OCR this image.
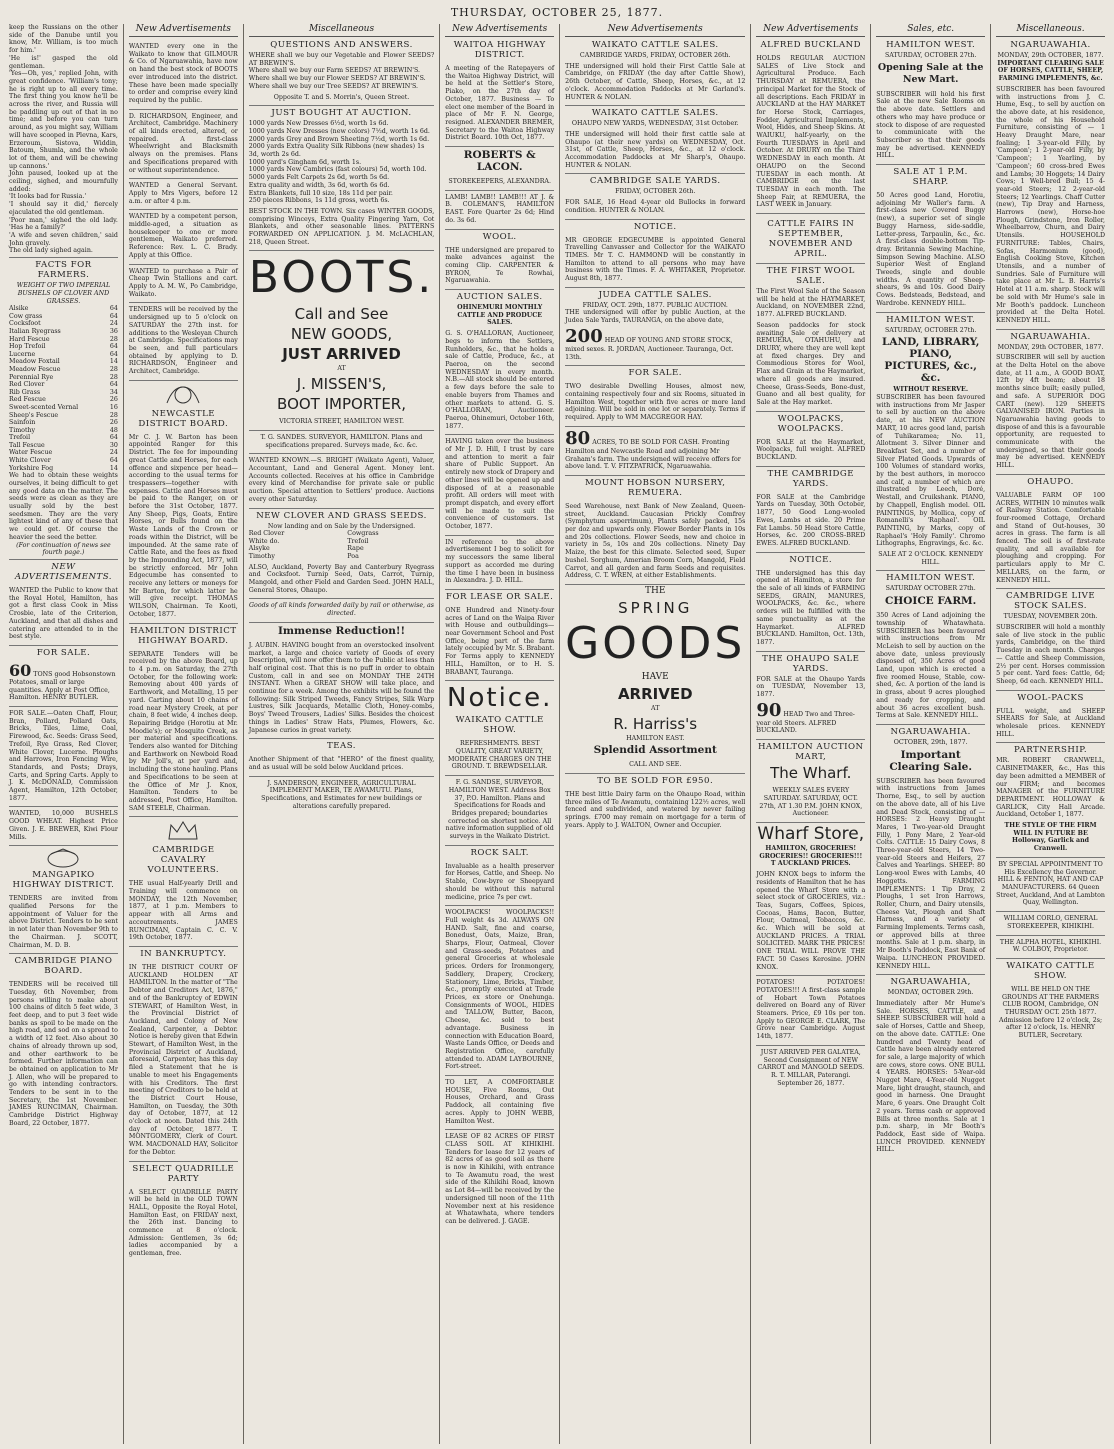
THURSDAY, OCTOBER 25, 1877.
keep the Russians on the other side of the Danube until you know, Mr. William, is too much for him.'
'He is!' gasped the old gentleman.
'Yes—Oh, yes,' replied John, with great confidence. 'William's tony; he is right up to all every time. The first thing you know he'll be across the river, and Russia will be paddling up out of that in no time; and before you can turn around, as you might say, William will have scooped in Plevna, Kars, Erzeroum, Sistova, Widdin, Batoum, Shumla, and the whole lot of them, and will be chewing up cannons.'
John paused, looked up at the ceiling, sighed, and mournfully added:
'It looks bad for Russia.'
'I should say it did,' fiercely ejaculated the old gentleman.
'Poor man,' sighed the old lady. 'Has he a family?'
'A wife and seven children,' said John gravely.
The old lady sighed again.
FACTS FOR FARMERS.
WEIGHT OF TWO IMPERIAL BUSHELS OF CLOVER AND GRASSES.
Alsike	64
Cow grass	64
Cocksfoot	24
Italian Ryegrass	36
Hard Fescue	28
Hop Trefoil	64
Lucerne	64
Meadow Foxtail	14
Meadow Fescue	28
Perennial Rye	28
Red Clover	64
Rib Grass	34
Red Fescue	26
Sweet-scented Vernal	16
Sheep's Fescue	28
Sainfoin	26
Timothy	48
Trefoil	64
Tall Fescue	30
Water Fescue	24
White Clover	64
Yorkshire Fog	14
We had to obtain these weights ourselves, it being difficult to get any good data on the matter. The seeds were as clean as they are usually sold by the best seedsmen. They are the very lightest kind of any of these that we could get. Of course the heavier the seed the better.
(For continuation of news see fourth page.)
NEW ADVERTISEMENTS.
WANTED the Public to know that the Royal Hotel, Hamilton, has got a first class Cook in Miss Crosbie, late of the Criterion, Auckland, and that all dishes and catering are attended to in the best style.
FOR SALE.
60 TONS good Hobsonstown Potatoes, small or large quantities. Apply at Post Office, Hamilton. HENRY BUTLER.
FOR SALE.—Oaten Chaff, Flour, Bran, Pollard, Pollard Oats, Bricks, Tiles, Lime, Coal, Firewood, &c. Seeds: Grass Seed, Trefoil, Rye Grass, Red Clover, White Clover, Lucerne. Ploughs and Harrows, Iron Fencing Wire, Standards, and Posts; Drays, Carts, and Spring Carts. Apply to J. K. McDONALD, Commission Agent, Hamilton, 12th October, 1877.
WANTED, 10,000 BUSHELS GOOD WHEAT. Highest Price Given. J. E. BREWER, Kiwi Flour Mills.
MANGAPIKO HIGHWAY DISTRICT.
TENDERS are invited from qualified Persons for the appointment of Valuer for the above District. Tenders to be sent in not later than November 9th to the Chairman. J. SCOTT, Chairman, M. D. B.
CAMBRIDGE PIANO BOARD.
TENDERS will be received till Tuesday, 6th November, from persons willing to make about 100 chains of ditch 5 feet wide, 3 feet deep, and to put 3 feet wide banks as spoil to be made on the high road, and sod on a spread to a width of 12 feet. Also about 30 chains of already thrown up sod, and other earthwork to be formed. Further information can be obtained on application to Mr J. Allen, who will be prepared to go with intending contractors. Tenders to be sent in to the Secretary, the 1st November. JAMES RUNCIMAN, Chairman. Cambridge District Highway Board, 22 October, 1877.
New Advertisements
WANTED every one in the Waikato to know that GILMOUR & Co. of Ngaruawahia, have now on hand the best stock of BOOTS ever introduced into the district. These have been made specially to order and comprise every kind required by the public.
D. RICHARDSON, Engineer, and Architect, Cambridge. Machinery of all kinds erected, altered, or repaired. A first-class Wheelwright and Blacksmith always on the premises. Plans and Specifications prepared with or without superintendence.
WANTED a General Servant. Apply to Mrs Vigers, before 12 a.m. or after 4 p.m.
WANTED by a competent person, middle-aged, a situation as housekeeper to one or more gentlemen, Waikato preferred. Reference: Rev. L. C. Brady. Apply at this Office.
WANTED to purchase a Pair of Cheap Twin Stallions and cart. Apply to A. M. W., Po Cambridge, Waikato.
TENDERS will be received by the undersigned up to 5 o'clock on SATURDAY the 27th inst. for additions to the Wesleyan Church at Cambridge. Specifications may be seen, and full particulars obtained by applying to D. RICHARDSON, Engineer and Architect, Cambridge.
NEWCASTLE DISTRICT BOARD.
Mr C. J. W. Barton has been appointed Ranger for this District. The fee for impounding great Cattle and Horses, for each offence and sixpence per head—according to the usual terms for trespassers—together with expenses. Cattle and Horses must be paid to the Ranger, on or before the 31st October, 1877. Any Sheep, Pigs, Goats, Entire Horses, or Bulls found on the Waste Lands of the Crown or roads within the District, will be impounded. At the same rate of Cattle Rate, and the fees as fixed by the Impounding Act, 1877, will be strictly enforced. Mr John Edgecumbe has consented to receive any letters or moneys for Mr Barton, for which latter he will give receipt. THOMAS WILSON, Chairman. Te Kooti, October, 1877.
HAMILTON DISTRICT HIGHWAY BOARD.
SEPARATE Tenders will be received by the above Board, up to 4 p.m. on Saturday, the 27th October, for the following work: Removing about 400 yards of Earthwork, and Metalling, 15 per yard. Carting about 10 chains of road near Mystery Creek, at per chain, 8 feet wide, 4 inches deep. Repairing Bridge (Horotiu at Mr. Moodie's); or Mosquito Creek, as per material and specifications. Tenders also wanted for Ditching and Earthwork on Newboid Road by Mr Joll's, at per yard and, including the stone hauling. Plans and Specifications to be seen at the Office of Mr J. Knox, Hamilton. Tenders to be addressed, Post Office, Hamilton. SAM STEELE, Chairman.
CAMBRIDGE CAVALRY VOLUNTEERS.
THE usual Half-yearly Drill and Training will commence on MONDAY, the 12th November, 1877, at 1 p.m. Members to appear with all Arms and accoutrements. JAMES RUNCIMAN, Captain C. C. V. 19th October, 1877.
IN BANKRUPTCY.
IN THE DISTRICT COURT OF AUCKLAND HOLDEN AT HAMILTON. In the matter of "The Debtor and Creditors Act, 1876," and of the Bankruptcy of EDWIN STEWART, of Hamilton West, in the Provincial District of Auckland, and Colony of New Zealand, Carpenter, a Debtor. Notice is hereby given that Edwin Stewart, of Hamilton West, in the Provincial District of Auckland, aforesaid, Carpenter, has this day filed a Statement that he is unable to meet his Engagements with his Creditors. The first meeting of Creditors to be held at the District Court House, Hamilton, on Tuesday, the 30th day of October, 1877, at 12 o'clock at noon. Dated this 24th day of October, 1877. T. MONTGOMERY, Clerk of Court. WM. MACDONALD HAY, Solicitor for the Debtor.
SELECT QUADRILLE PARTY
A SELECT QUADRILLE PARTY will be held in the OLD TOWN HALL, Opposite the Royal Hotel, Hamilton East, on FRIDAY next, the 26th inst. Dancing to commence at 8 o'clock. Admission: Gentlemen, 3s 6d; ladies accompanied by a gentleman, free.
Miscellaneous
QUESTIONS AND ANSWERS.
WHERE shall we buy our Vegetable and Flower SEEDS? AT BREWIN'S.
Where shall we buy our Farm SEEDS? AT BREWIN'S.
Where shall we buy our Flower SEEDS? AT BREWIN'S.
Where shall we buy our Tree SEEDS? AT BREWIN'S.
Opposite T. and S. Morrin's, Queen Street.
JUST BOUGHT AT AUCTION.
1000 yards New Dresses 6½d, worth 1s 6d.
1000 yards New Dresses (new colors) 7½d, worth 1s 6d.
2000 yards Grey and Brown Sheeting 7½d, worth 1s 6d.
2000 yards Extra Quality Silk Ribbons (new shades) 1s 3d, worth 2s 6d.
1000 yard's Gingham 6d, worth 1s.
1000 yards New Cambrics (fast colours) 5d, worth 10d.
5000 yards Felt Carpets 2s 6d, worth 5s 6d.
Extra quality and width, 3s 6d, worth 6s 6d.
Extra Blankets, full 10 size, 18s 11d per pair.
250 pieces Ribbons, 1s 11d gross, worth 6s.
BEST STOCK IN THE TOWN. Six cases WINTER GOODS, comprising Winceys, Extra Quality Fingering Yarn, Cot Blankets, and other seasonable lines. PATTERNS FORWARDED ON APPLICATION. J. M. McLACHLAN, 218, Queen Street.
BOOTS.
Call and See
NEW GOODS,
JUST ARRIVED
AT
J. MISSEN'S,
BOOT IMPORTER,
VICTORIA STREET, HAMILTON WEST.
T. G. SANDES. SURVEYOR, HAMILTON. Plans and specifications prepared. Surveys made, &c. &c.
WANTED KNOWN.—S. BRIGHT (Waikato Agent), Valuer, Accountant, Land and General Agent. Money lent. Accounts collected. Receives at his office in Cambridge every kind of Merchandise for private sale or public auction. Special attention to Settlers' produce. Auctions every other Saturday.
NEW CLOVER AND GRASS SEEDS.
Now landing and on Sale by the Undersigned.
Red Clover	Cowgrass
White do.	Trefoil
Alsyke	Rape
Timothy	Poa
ALSO, Auckland, Poverty Bay and Canterbury Ryegrass and Cocksfoot. Turnip Seed, Oats, Carrot, Turnip, Mangold, and other Field and Garden Seed. JOHN HALL, General Stores, Ohaupo.
Goods of all kinds forwarded daily by rail or otherwise, as directed.
Immense Reduction!!
J. AUBIN. HAVING bought from an overstocked insolvent market, a large and choice variety of Goods of every Description, will now offer them to the Public at less than half original cost. That this is no puff in order to obtain Custom, call in and see on MONDAY THE 24TH INSTANT. When a GREAT SHOW will take place, and continue for a week. Among the exhibits will be found the following: Silk Striped Tweeds, Fancy Stripes, Silk Warp Lustres, Silk Jacquards, Metallic Cloth, Honey-combs, Boys' Tweed Trousers, Ladies' Silks. Besides the choicest things in Ladies' Straw Hats, Plumes, Flowers, &c. Japanese curios in great variety.
TEAS.
Another Shipment of that "HERO" of the finest quality, and as usual will be sold below Auckland prices.
J. SANDERSON, ENGINEER, AGRICULTURAL IMPLEMENT MAKER, TE AWAMUTU. Plans, Specifications, and Estimates for new buildings or alterations carefully prepared.
New Advertisements
WAITOA HIGHWAY DISTRICT.
A meeting of the Ratepayers of the Waitoa Highway District, will be held at the Settler's Store, Piako, on the 27th day of October, 1877. Business — To elect one member of the Board in place of Mr F. N. George, resigned. ALEXANDER BREMER, Secretary to the Waitoa Highway District Board. 10th Oct, 1877.
ROBERTS & LACON.
STOREKEEPERS, ALEXANDRA.
LAMB! LAMB!! LAMB!!! AT J. & B. COLEMAN'S, HAMILTON EAST. Fore Quarter 2s 6d; Hind do. 3s 6d.
WOOL.
THE undersigned are prepared to make advances against the coming Clip. CARPENTER & BYRON, Te Rowhai, Ngaruawahia.
AUCTION SALES.
OHINEMURI MONTHLY CATTLE AND PRODUCE SALES.
G. S. O'HALLORAN, Auctioneer, begs to inform the Settlers, Runholders, &c., that he holds a sale of Cattle, Produce, &c., at Paeroa, on the second WEDNESDAY in every month. N.B.—All stock should be entered a few days before the sale to enable buyers from Thames and other markets to attend. G. S. O'HALLORAN, Auctioneer. Paeroa, Ohinemuri, October 16th, 1877.
HAVING taken over the business of Mr J. D. Hill, I trust by care and attention to merit a fair share of Public Support. An entirely new stock of Drapery and other lines will be opened up and disposed of at a reasonable profit. All orders will meet with prompt dispatch, and every effort will be made to suit the convenience of customers. 1st October, 1877.
IN reference to the above advertisement I beg to solicit for my successors the same liberal support as accorded me during the time I have been in business in Alexandra. J. D. HILL.
FOR LEASE OR SALE.
ONE Hundred and Ninety-four acres of Land on the Waipa River with House and outbuildings—near Government School and Post Office, being part of the farm lately occupied by Mr. S. Brabant. For Terms apply to KENNEDY HILL, Hamilton, or to H. S. BRABANT, Tauranga.
Notice.
WAIKATO CATTLE SHOW.
REFRESHMENTS. BEST QUALITY, GREAT VARIETY, MODERATE CHARGES ON THE GROUND. T. BREWDSELLAR.
F. G. SANDSE, SURVEYOR, HAMILTON WEST. Address Box 37, P.O. Hamilton. Plans and Specifications for Roads and Bridges prepared; boundaries corrected on shortest notice. All native information supplied of old surveys in the Waikato District.
ROCK SALT.
Invaluable as a health preserver for Horses, Cattle, and Sheep. No Stable, Cow-byre or Sheepyard should be without this natural medicine, price 7s per cwt.
WOOLPACKS! WOOLPACKS!! Full weight 4s 3d. ALWAYS ON HAND. Salt, fine and coarse, Bonedust, Oats, Maize, Bran, Sharps, Flour, Oatmeal, Clover and Grass-seeds, Potatoes and general Groceries at wholesale prices. Orders for Ironmongery, Saddlery, Drapery, Crockery, Stationery, Lime, Bricks, Timber, &c., promptly executed at Trade Prices, ex store or Onehunga. Consignments of WOOL, HIDES and TALLOW, Butter, Bacon, Cheese, &c. sold to best advantage. Business in connection with Education Board, Waste Lands Office, or Deeds and Registration Office, carefully attended to. ADAM LAYBOURNE, Fort-street.
TO LET, A COMFORTABLE HOUSE, Five Rooms, Out Houses, Orchard, and Grass Paddock, all containing five acres. Apply to JOHN WEBB, Hamilton West.
LEASE OF 82 ACRES OF FIRST CLASS SOIL AT KIHIKIHI. Tenders for lease for 12 years of 82 acres of as good soil as there is now in Kihikihi, with entrance to Te Awamutu road, the west side of the Kihikihi Road, known as Lot 84—will be received by the undersigned till noon of the 11th November next at his residence at Whatawhata, where tenders can be delivered. J. GAGE.
New Advertisements
WAIKATO CATTLE SALES.
CAMBRIDGE YARDS, FRIDAY, OCTOBER 26th.
THE undersigned will hold their First Cattle Sale at Cambridge, on FRIDAY (the day after Cattle Show), 26th October, of Cattle, Sheep, Horses, &c., at 12 o'clock. Accommodation Paddocks at Mr Garland's. HUNTER & NOLAN.
WAIKATO CATTLE SALES.
OHAUPO NEW YARDS, WEDNESDAY, 31st October.
THE undersigned will hold their first cattle sale at Ohaupo (at their new yards) on WEDNESDAY, Oct. 31st, of Cattle, Sheep, Horses, &c., at 12 o'clock. Accommodation Paddocks at Mr Sharp's, Ohaupo. HUNTER & NOLAN.
CAMBRIDGE SALE YARDS.
FRIDAY, OCTOBER 26th.
FOR SALE, 16 Head 4-year old Bullocks in forward condition. HUNTER & NOLAN.
NOTICE.
MR GEORGE EDGECUMBE is appointed General Travelling Canvasser and Collector for the WAIKATO TIMES. Mr T. C. HAMMOND will be constantly in Hamilton to attend to all persons who may have business with the Times. F. A. WHITAKER, Proprietor. August 8th, 1877.
JUDEA CATTLE SALES.
FRIDAY, OCT. 29th, 1877. PUBLIC AUCTION.
THE undersigned will offer by public Auction, at the Judea Sale Yards, TAURANGA, on the above date,
200 HEAD OF YOUNG AND STORE STOCK, mixed sexes. R. JORDAN, Auctioneer. Tauranga, Oct. 13th.
FOR SALE.
TWO desirable Dwelling Houses, almost new, containing respectively four and six Rooms, situated in Hamilton West, together with five acres or more land adjoining. Will be sold in one lot or separately. Terms if required. Apply to WM MACGREGOR HAY.
80 ACRES, TO BE SOLD FOR CASH. Fronting Hamilton and Newcastle Road and adjoining Mr Graham's farm. The undersigned will receive offers for above land. T. V. FITZPATRICK, Ngaruawahia.
MOUNT HOBSON NURSERY, REMUERA.
Seed Warehouse, next Bank of New Zealand, Queen-street, Auckland. Caucasian Prickly Comfrey (Symphytum asperrimum), Plants safely packed, 15s per doz and upwards only. Flower Border Plants in 10s and 20s collections. Flower Seeds, new and choice in variety in 5s, 10s and 20s collections. Ninety Day Maize, the best for this climate. Selected seed, Super bushel. Sorghum, Amerian Broom Corn, Mangold, Field Carrot, and all garden and farm Seeds and requisites. Address, C. T. WREN, at either Establishments.
THE
SPRING
GOODS
HAVE
ARRIVED
AT
R. Harriss's
HAMILTON EAST.
Splendid Assortment
CALL AND SEE.
TO BE SOLD FOR £950.
THE best little Dairy farm on the Ohaupo Road, within three miles of Te Awamutu, containing 122½ acres, well fenced and subdivided, and watered by never failing springs. £700 may remain on mortgage for a term of years. Apply to J. WALTON, Owner and Occupier.
New Advertisements
ALFRED BUCKLAND
HOLDS REGULAR AUCTION SALES of Live Stock and Agricultural Produce. Each THURSDAY at REMUERA, the principal Market for the Stock of all descriptions. Each FRIDAY in AUCKLAND at the HAY MARKET for Horse Stock, Carriages, Fodder, Agricultural Implements, Wool, Hides, and Sheep Skins. At WAIUKU, half-yearly, on the Fourth TUESDAYS in April and October. At DRURY on the Third WEDNESDAY in each month. At OHAUPO on the Second TUESDAY in each month. At CAMBRIDGE on the last TUESDAY in each month. The Sheep Fair, at REMUERA, the LAST WEEK in January.
CATTLE FAIRS IN SEPTEMBER, NOVEMBER AND APRIL.
THE FIRST WOOL SALE.
The First Wool Sale of the Season will be held at the HAYMARKET, Auckland, on NOVEMBER 22nd, 1877. ALFRED BUCKLAND.
Season paddocks for stock awaiting Sale or delivery at REMUERA, OTAHUHU, and DRURY, where they are well kept at fixed charges. Dry and Commodious Stores for Wool, Flax and Grain at the Haymarket, where all goods are insured. Cheese, Grass-Seeds, Bone-dust, Guano and all best quality, for Sale at the Hay market.
WOOLPACKS, WOOLPACKS.
FOR SALE at the Haymarket, Woolpacks, full weight. ALFRED BUCKLAND.
THE CAMBRIDGE YARDS.
FOR SALE at the Cambridge Yards on Tuesday, 30th October, 1877, 50 Good Long-wooled Ewes, Lambs at side. 20 Prime Fat Lambs. 50 Head Store Cattle, Horses, &c. 200 CROSS-BRED EWES. ALFRED BUCKLAND.
NOTICE.
THE undersigned has this day opened at Hamilton, a store for the sale of all kinds of FARMING SEEDS, GRAIN, MANURES, WOOLPACKS, &c. &c., where orders will be fulfilled with the same punctuality as at the Haymarket. ALFRED BUCKLAND. Hamilton, Oct. 13th, 1877.
THE OHAUPO SALE YARDS.
FOR SALE at the Ohaupo Yards on TUESDAY, November 13, 1877.
90 HEAD Two and Three-year old Steers. ALFRED BUCKLAND.
HAMILTON AUCTION MART,
The Wharf.
WEEKLY SALES EVERY SATURDAY. SATURDAY, OCT. 27th, AT 1.30 P.M. JOHN KNOX, Auctioneer.
Wharf Store,
HAMILTON, GROCERIES! GROCERIES!! GROCERIES!!! T AUCKLAND PRICES.
JOHN KNOX begs to inform the residents of Hamilton that he has opened the Wharf Store with a select stock of GROCERIES, viz.: Teas, Sugars, Coffees, Spices, Cocoas, Hams, Bacon, Butter, Flour, Oatmeal, Tobaccos, &c. &c. Which will be sold at AUCKLAND PRICES. A TRIAL SOLICITED. MARK THE PRICES! ONE TRIAL WILL PROVE THE FACT. 50 Cases Kerosine. JOHN KNOX.
POTATOES! POTATOES! POTATOES!!! A first-class sample of Hobart Town Potatoes delivered on Board any of River Steamers. Price, £9 10s per ton. Apply to GEORGE E. CLARK, The Grove near Cambridge. August 14th, 1877.
JUST ARRIVED PER GALATEA, Second Consignment of NEW CARROT and MANGOLD SEEDS. R. T. MILLAR, Paterangi. September 26, 1877.
Sales, etc.
HAMILTON WEST.
SATURDAY, OCTOBER 27th.
Opening Sale at the New Mart.
SUBSCRIBER will hold his first Sale at the new Sale Rooms on the above date. Settlers and others who may have produce or stock to dispose of are requested to communicate with the Subscriber so that their goods may be advertised. KENNEDY HILL.
SALE AT 1 P.M. SHARP.
50 Acres good Land, Horotiu, adjoining Mr Waller's farm. A first-class new Covered Buggy (new), a superior set of single Buggy Harness, side-saddle, Letter-press, Tarpaulin, &c., &c. A first-class double-bottom Tip-dray. Britannia Sewing Machine, Simpson Sewing Machine. ALSO Superior West of England Tweeds, single and double widths. A quantity of Sheep-shears, 9s and 10s. Good Dairy Cows. Bedsteads, Bedstead, and Wardrobe. KENNEDY HILL.
HAMILTON WEST.
SATURDAY, OCTOBER 27th.
LAND, LIBRARY, PIANO, PICTURES, &c., &c.
WITHOUT RESERVE.
SUBSCRIBER has been favoured with instructions from Mr Jasper to sell by auction on the above date, at his NEW AUCTION MART, 10 acres good land, parish of Tuhikaramea; No. 11, Allotment 3. Silver Dinner and Breakfast Set, and a number of Silver Plated Goods. Upwards of 100 Volumes of standard works, by the best authors, in morocco and calf, a number of which are illustrated by Leech, Doré, Westall, and Cruikshank. PIANO, by Chappell, English model. OIL PAINTINGS, by Mollica, copy of Romanelli's 'Raphael'. OIL PAINTING, by Marks, copy of Raphael's 'Holy Family'. Chromo Lithographs, Engravings, &c. &c.
SALE AT 2 O'CLOCK. KENNEDY HILL.
HAMILTON WEST.
SATURDAY OCTOBER 27th.
CHOICE FARM.
350 Acres of Land adjoining the township of Whatawhata. SUBSCRIBER has been favoured with instructions from Mr McLeish to sell by auction on the above date, unless previously disposed of, 350 Acres of good Land, upon which is erected a five roomed House, Stable, cow-shed, &c. A portion of the land is in grass, about 9 acres ploughed and ready for cropping, and about 36 acres excellent bush. Terms at Sale. KENNEDY HILL.
NGARUAWAHIA.
OCTOBER, 29th, 1877.
Important Clearing Sale.
SUBSCRIBER has been favoured with instructions from James Thorne, Esq., to sell by auction on the above date, all of his Live and Dead Stock, consisting of — HORSES: 2 Heavy Draught Mares, 1 Two-year-old Draught Filly, 1 Pony Mare, 2 Year-old Colts. CATTLE: 15 Dairy Cows, 8 Three-year-old Steers, 14 Two-year-old Steers and Heifers, 27 Calves and Yearlings. SHEEP: 80 Long-wool Ewes with Lambs, 40 Hoggetts. FARMING IMPLEMENTS: 1 Tip Dray, 2 Ploughs, 1 set Iron Harrows, Roller, Churn, and Dairy utensils, Cheese Vat, Plough and Shaft Harness, and a variety of Farming Implements. Terms cash, or approved bills at three months. Sale at 1 p.m. sharp, in Mr Booth's Paddock, East Bank of Waipa. LUNCHEON PROVIDED. KENNEDY HILL.
NGARUAWAHIA,
MONDAY, OCTOBER 29th.
Immediately after Mr Hume's Sale. HORSES, CATTLE, and SHEEP. SUBSCRIBER will hold a sale of Horses, Cattle and Sheep, on the above date. CATTLE: One hundred and Twenty head of Cattle have been already entered for sale, a large majority of which are cows, store cows. ONE BULL 4 YEARS. HORSES: 5-Year-old Nugget Mare, 4-Year-old Nugget Mare, light draught, staunch, and good in harness. One Draught Mare, 6 years. One Draught Colt 2 years. Terms cash or approved Bills at three months. Sale at 1 p.m. sharp, in Mr Booth's Paddock, East side of Waipa. LUNCH PROVIDED. KENNEDY HILL.
Miscellaneous.
NGARUAWAHIA.
MONDAY, 29th OCTOBER, 1877.
IMPORTANT CLEARING SALE OF HORSES, CATTLE, SHEEP, FARMING IMPLEMENTS, &c.
SUBSCRIBER has been favoured with instructions from J. C. Hume, Esq., to sell by auction on the above date, at his residence, the whole of his Household Furniture, consisting of — 1 Heavy Draught Mare, near foaling; 1 3-year-old Filly, by 'Campeon'; 1 2-year-old Filly, by 'Campeon'; 1 Yearling, by 'Campeon'; 60 cross-bred Ewes and Lambs; 30 Hoggets; 14 Dairy Cows; 1 Well-bred Bull; 15 4-year-old Steers; 12 2-year-old Steers; 12 Yearlings. Chaff Cutter (new), Tip Dray and Harness, Harrows (new), Horse-hoe Plough, Grindstone, Iron Roller, Wheelbarrow, Churn, and Dairy Utensils. HOUSEHOLD FURNITURE: Tables, Chairs, Sofas, Harmonium (good), English Cooking Stove, Kitchen Utensils, and a number of Sundries. Sale of Furniture will take place at Mr L. B. Harris's Hotel at 11 a.m. sharp. Stock will be sold with Mr Hume's sale in Mr Booth's paddock. Luncheon provided at the Delta Hotel. KENNEDY HILL.
NGARUAWAHIA.
MONDAY, 29th OCTOBER, 1877.
SUBSCRIBER will sell by auction at the Delta Hotel on the above date, at 11 a.m., A GOOD BOAT, 12ft by 4ft beam; about 18 months since built; easily pulled, and safe. A SUPERIOR DOG CART (new). 129 SHEETS GALVANISED IRON. Parties in Ngaruawahia having goods to dispose of and this is a favourable opportunity, are requested to communicate with the undersigned, so that their goods may be advertised. KENNEDY HILL.
OHAUPO.
VALUABLE FARM OF 100 ACRES, WITHIN 10 minutes walk of Railway Station. Comfortable four-roomed Cottage, Orchard and Stand of Out-houses, 30 acres in grass. The farm is all fenced. The soil is of first-rate quality, and all available for ploughing and cropping. For particulars apply to Mr C. MELLARS, on the farm, or KENNEDY HILL.
CAMBRIDGE LIVE STOCK SALES.
TUESDAY, NOVEMBER 20th.
SUBSCRIBER will hold a monthly sale of live stock in the public yards, Cambridge, on the third Tuesday in each month. Charges — Cattle and Sheep Commission, 2½ per cent. Horses commission 5 per cent. Yard fees: Cattle, 6d; Sheep, 6d each. KENNEDY HILL.
WOOL-PACKS
FULL weight, and SHEEP SHEARS for Sale, at Auckland wholesale prices. KENNEDY HILL.
PARTNERSHIP.
MR. ROBERT CRANWELL, CABINETMAKER, &c., Has this day been admitted a MEMBER of our FIRM; and becomes MANAGER of the FURNITURE DEPARTMENT. HOLLOWAY & GARLICK, City Hall Arcade. Auckland, October 1, 1877.
THE STYLE OF THE FIRM WILL IN FUTURE BE Holloway, Garlick and Cranwell.
BY SPECIAL APPOINTMENT TO His Excellency the Governor. HILL & FENTON, HAT AND CAP MANUFACTURERS. 64 Queen Street, Auckland, And at Lambton Quay, Wellington.
WILLIAM CORLO, GENERAL STOREKEEPER, KIHIKIHI.
THE ALPHA HOTEL, KIHIKIHI. W. COLBOY, Proprietor.
WAIKATO CATTLE SHOW.
WILL BE HELD ON THE GROUNDS AT THE FARMERS CLUB ROOM, Cambridge, ON THURSDAY OCT. 25th 1877. Admission before 12 o'clock, 2s; after 12 o'clock, 1s. HENRY BUTLER, Secretary.
